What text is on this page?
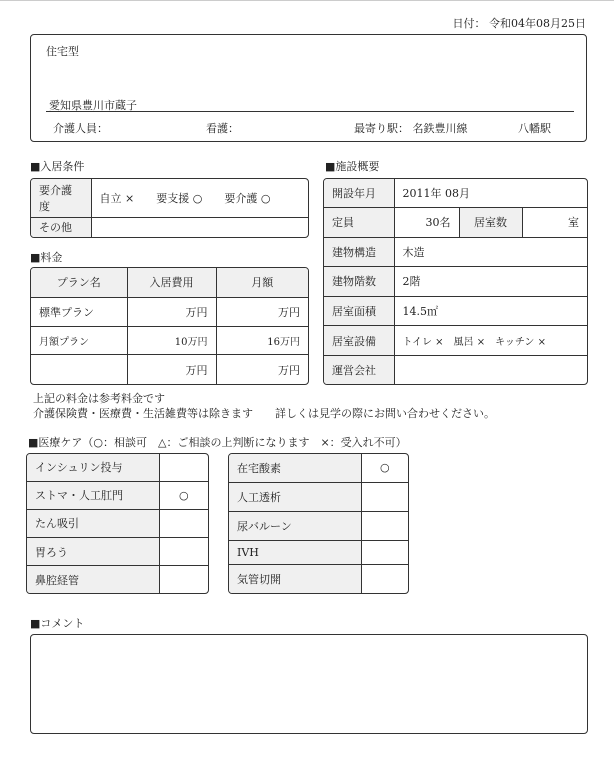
日付： 令和04年08月25日
住宅型
愛知県豊川市蔵子
介護人員：	看護：	最寄り駅： 名鉄豊川線	八幡駅
■入居条件
要介護度	自立 × 要支援 ○ 要介護 ○
その他	
■料金
プラン名	入居費用	月額
標準プラン	万円	万円
月額プラン	10万円	16万円
	万円	万円
■施設概要
開設年月	2011年 08月		
定員	30名	居室数	室
建物構造	木造		
建物階数	2階		
居室面積	14.5㎡		
居室設備	トイレ ×　風呂 ×　キッチン ×		
運営会社			
上記の料金は参考料金です
介護保険費・医療費・生活雑費等は除きます　　詳しくは見学の際にお問い合わせください。
■医療ケア（○：相談可　△：ご相談の上判断になります　×：受入れ不可）
インシュリン投与	
ストマ・人工肛門	○
たん吸引	
胃ろう	
鼻腔経管	
在宅酸素	○
人工透析	
尿バルーン	
IVH	
気管切開	
■コメント
